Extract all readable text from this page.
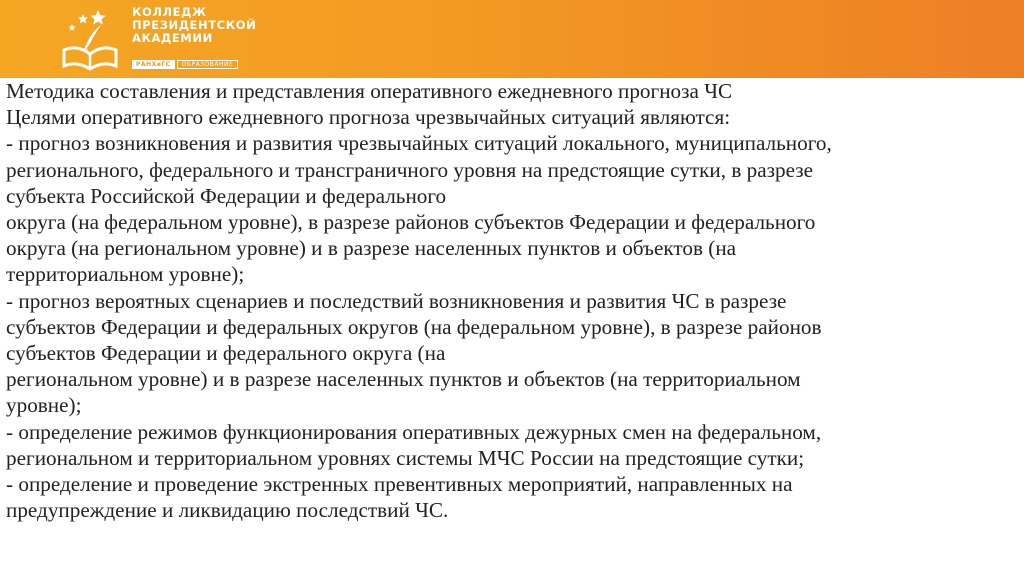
КОЛЛЕДЖ
ПРЕЗИДЕНТСКОЙ
АКАДЕМИИ
РАНХиГС	ОБРАЗОВАНИЕ
Методика составления и представления оперативного ежедневного прогноза ЧС
Целями оперативного ежедневного прогноза чрезвычайных ситуаций являются:
- прогноз возникновения и развития чрезвычайных ситуаций локального, муниципального,
регионального, федерального и трансграничного уровня на предстоящие сутки, в разрезе
субъекта Российской Федерации и федерального
округа (на федеральном уровне), в разрезе районов субъектов Федерации и федерального
округа (на региональном уровне) и в разрезе населенных пунктов и объектов (на
территориальном уровне);
- прогноз вероятных сценариев и последствий возникновения и развития ЧС в разрезе
субъектов Федерации и федеральных округов (на федеральном уровне), в разрезе районов
субъектов Федерации и федерального округа (на
региональном уровне) и в разрезе населенных пунктов и объектов (на территориальном
уровне);
- определение режимов функционирования оперативных дежурных смен на федеральном,
региональном и территориальном уровнях системы МЧС России на предстоящие сутки;
- определение и проведение экстренных превентивных мероприятий, направленных на
предупреждение и ликвидацию последствий ЧС.
